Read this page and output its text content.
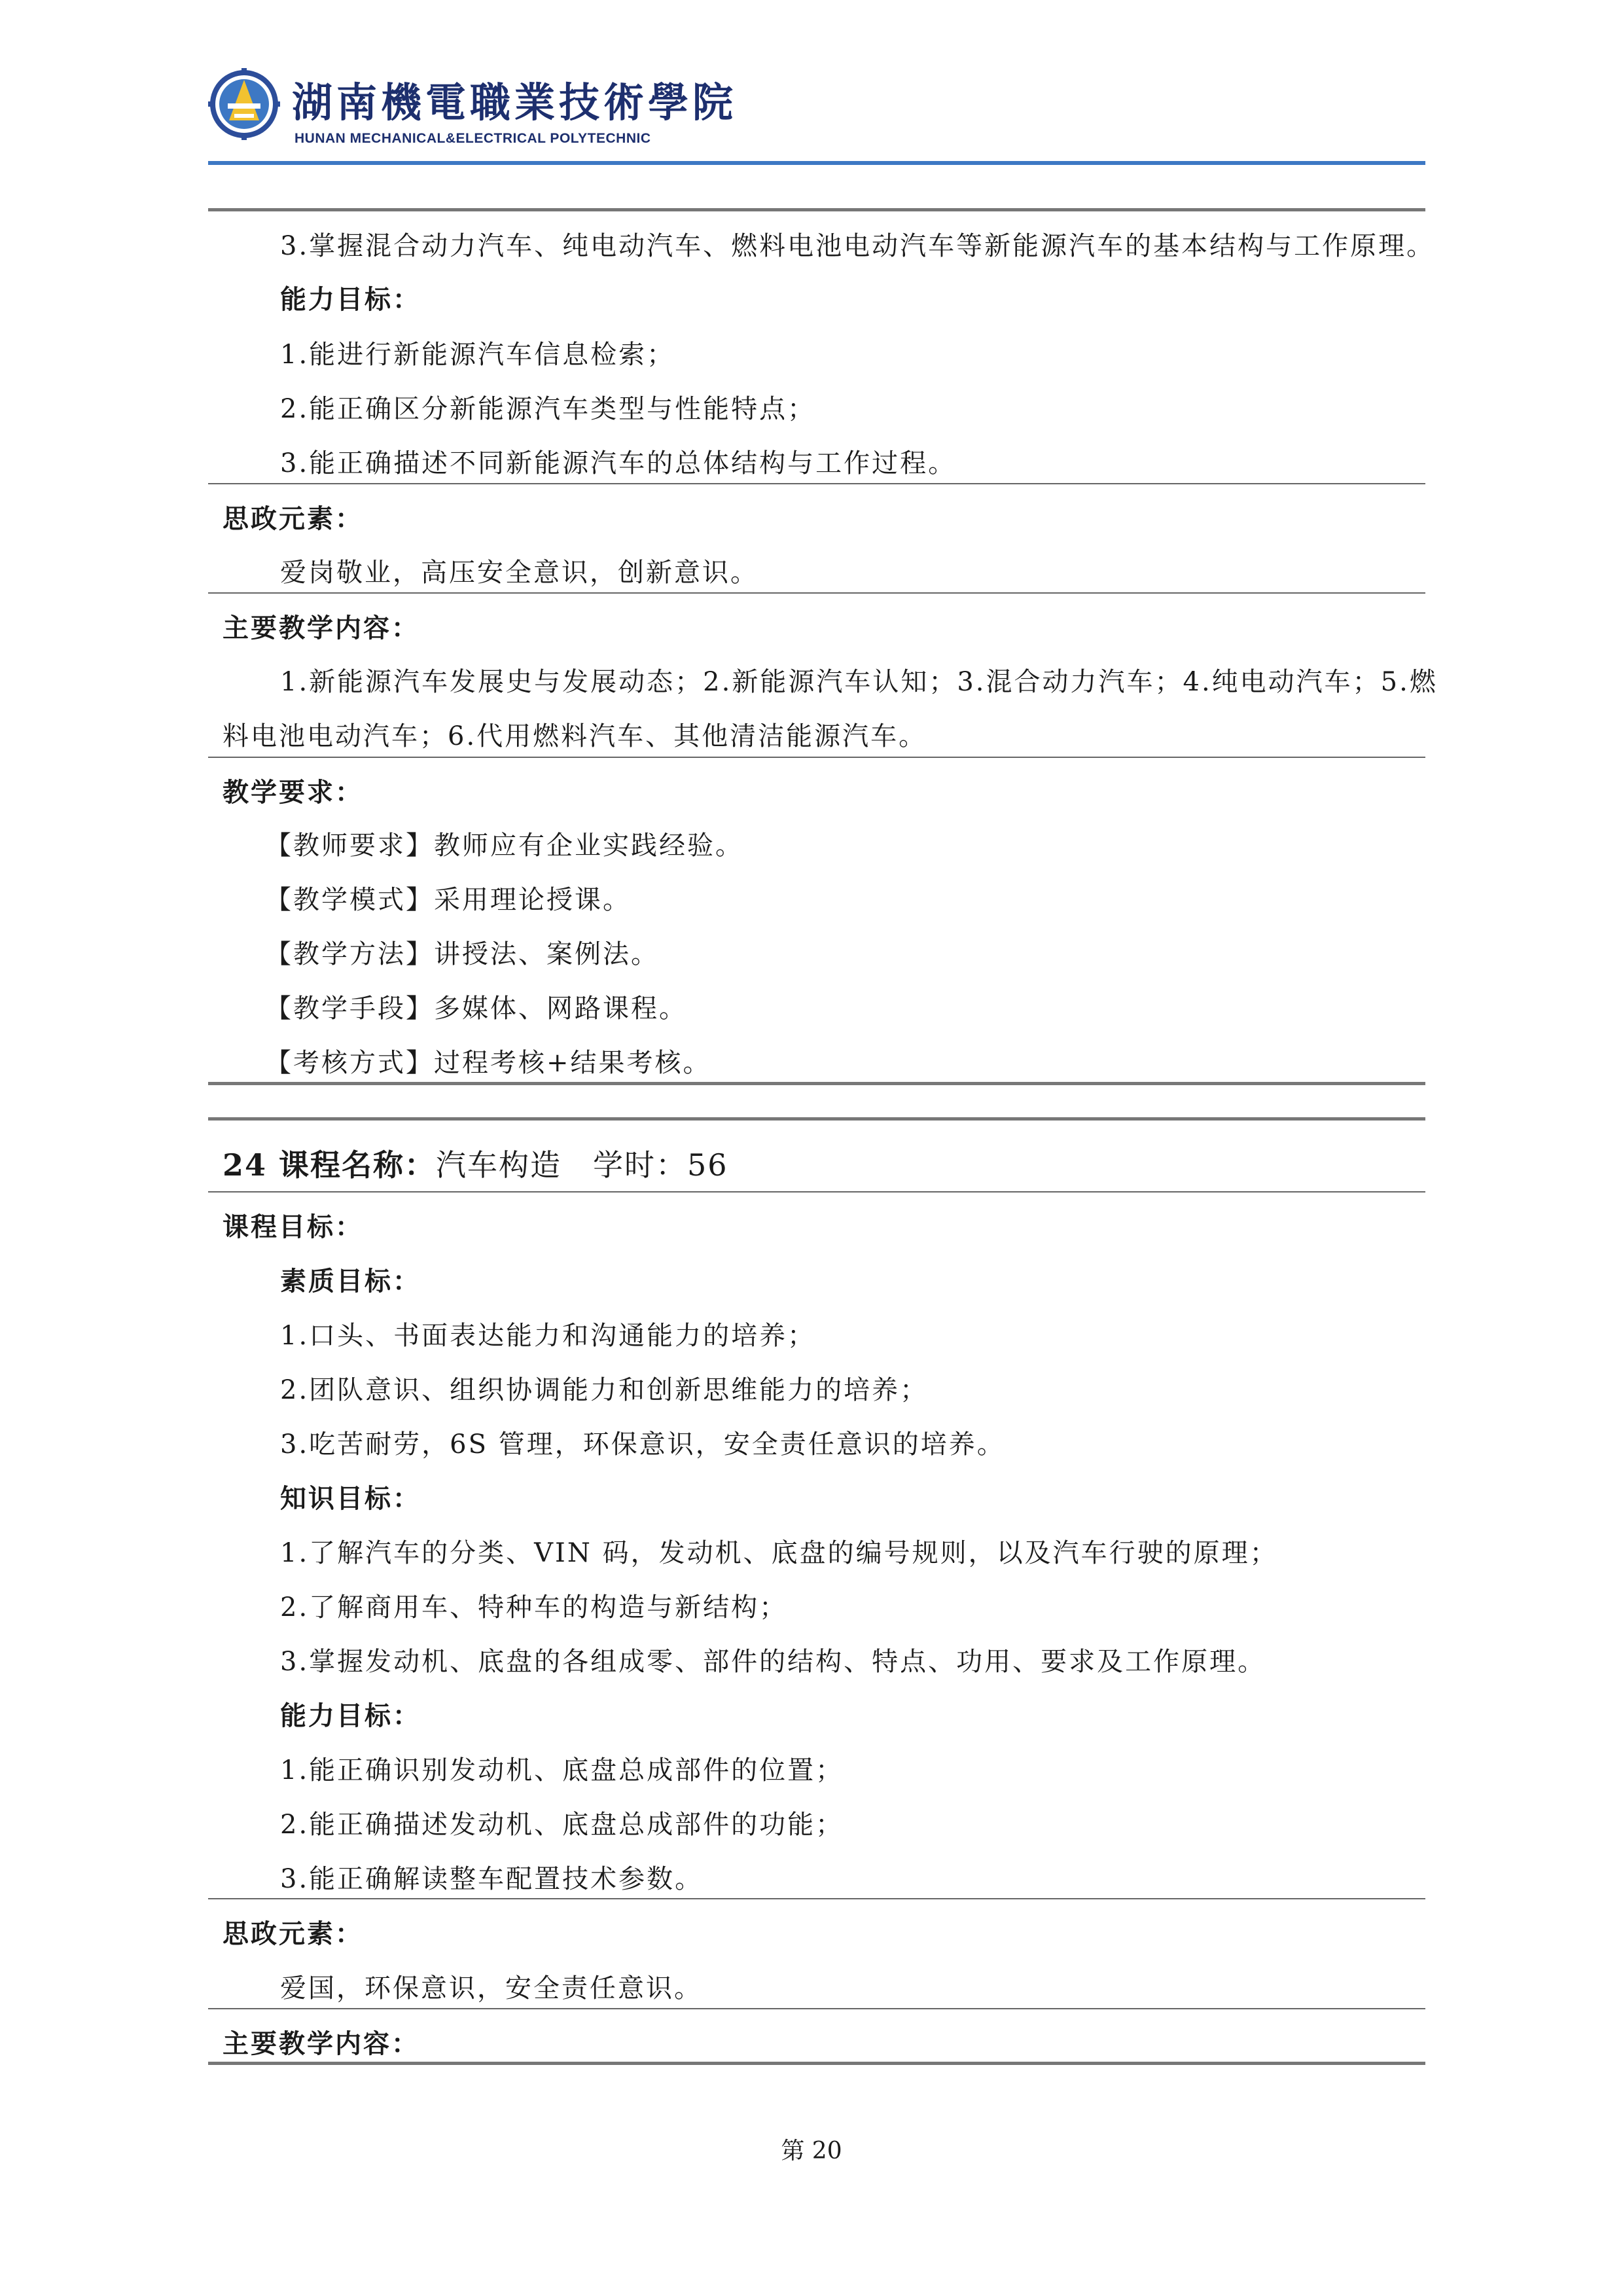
湖南機電職業技術學院
HUNAN MECHANICAL&ELECTRICAL POLYTECHNIC
3.掌握混合动力汽车、纯电动汽车、燃料电池电动汽车等新能源汽车的基本结构与工作原理。
能力目标：
1.能进行新能源汽车信息检索；
2.能正确区分新能源汽车类型与性能特点；
3.能正确描述不同新能源汽车的总体结构与工作过程。
思政元素：
爱岗敬业，高压安全意识，创新意识。
主要教学内容：
1.新能源汽车发展史与发展动态；2.新能源汽车认知；3.混合动力汽车；4.纯电动汽车；5.燃
料电池电动汽车；6.代用燃料汽车、其他清洁能源汽车。
教学要求：
【教师要求】教师应有企业实践经验。
【教学模式】采用理论授课。
【教学方法】讲授法、案例法。
【教学手段】多媒体、网路课程。
【考核方式】过程考核+结果考核。
24 课程名称：汽车构造　学时：56
课程目标：
素质目标：
1.口头、书面表达能力和沟通能力的培养；
2.团队意识、组织协调能力和创新思维能力的培养；
3.吃苦耐劳，6S 管理，环保意识，安全责任意识的培养。
知识目标：
1.了解汽车的分类、VIN 码，发动机、底盘的编号规则，以及汽车行驶的原理；
2.了解商用车、特种车的构造与新结构；
3.掌握发动机、底盘的各组成零、部件的结构、特点、功用、要求及工作原理。
能力目标：
1.能正确识别发动机、底盘总成部件的位置；
2.能正确描述发动机、底盘总成部件的功能；
3.能正确解读整车配置技术参数。
思政元素：
爱国，环保意识，安全责任意识。
主要教学内容：
第 20
